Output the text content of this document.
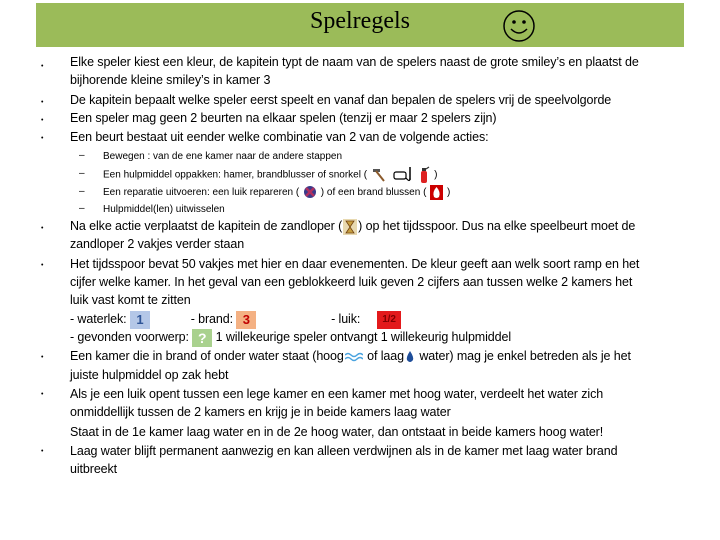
Spelregels
•
•
•
•
•
•
•
•
•
Elke speler kiest een kleur, de kapitein typt de naam van de spelers naast de grote smiley’s en plaatst de
bijhorende kleine smiley’s in kamer 3
De kapitein bepaalt welke speler eerst speelt en vanaf dan bepalen de spelers vrij de speelvolgorde
Een speler mag geen 2 beurten na elkaar spelen (tenzij er maar 2 spelers zijn)
Een beurt bestaat uit eender welke combinatie van 2 van de volgende acties:
–
–
–
–
Bewegen : van de ene kamer naar de andere stappen
Een hulpmiddel oppakken: hamer, brandblusser of snorkel (

	)
Een reparatie uitvoeren: een luik repareren ( ) of een brand blussen ( )
Hulpmiddel(len) uitwisselen
Na elke actie verplaatst de kapitein de zandloper ( ) op het tijdsspoor. Dus na elke speelbeurt moet de
zandloper 2 vakjes verder staan
Het tijdsspoor bevat 50 vakjes met hier en daar evenementen. De kleur geeft aan welk soort ramp en het
cijfer welke kamer. In het geval van een geblokkeerd luik geven 2 cijfers aan tussen welke 2 kamers het
luik vast komt te zitten
- waterlek: 1	- brand: 3	- luik: 1/2
- gevonden voorwerp: ? 1 willekeurige speler ontvangt 1 willekeurig hulpmiddel
Een kamer die in brand of onder water staat (hoog of laag water) mag je enkel betreden als je het
juiste hulpmiddel op zak hebt
Als je een luik opent tussen een lege kamer en een kamer met hoog water, verdeelt het water zich
onmiddellijk tussen de 2 kamers en krijg je in beide kamers laag water
Staat in de 1e kamer laag water en in de 2e hoog water, dan ontstaat in beide kamers hoog water!
Laag water blijft permanent aanwezig en kan alleen verdwijnen als in de kamer met laag water brand
uitbreekt
